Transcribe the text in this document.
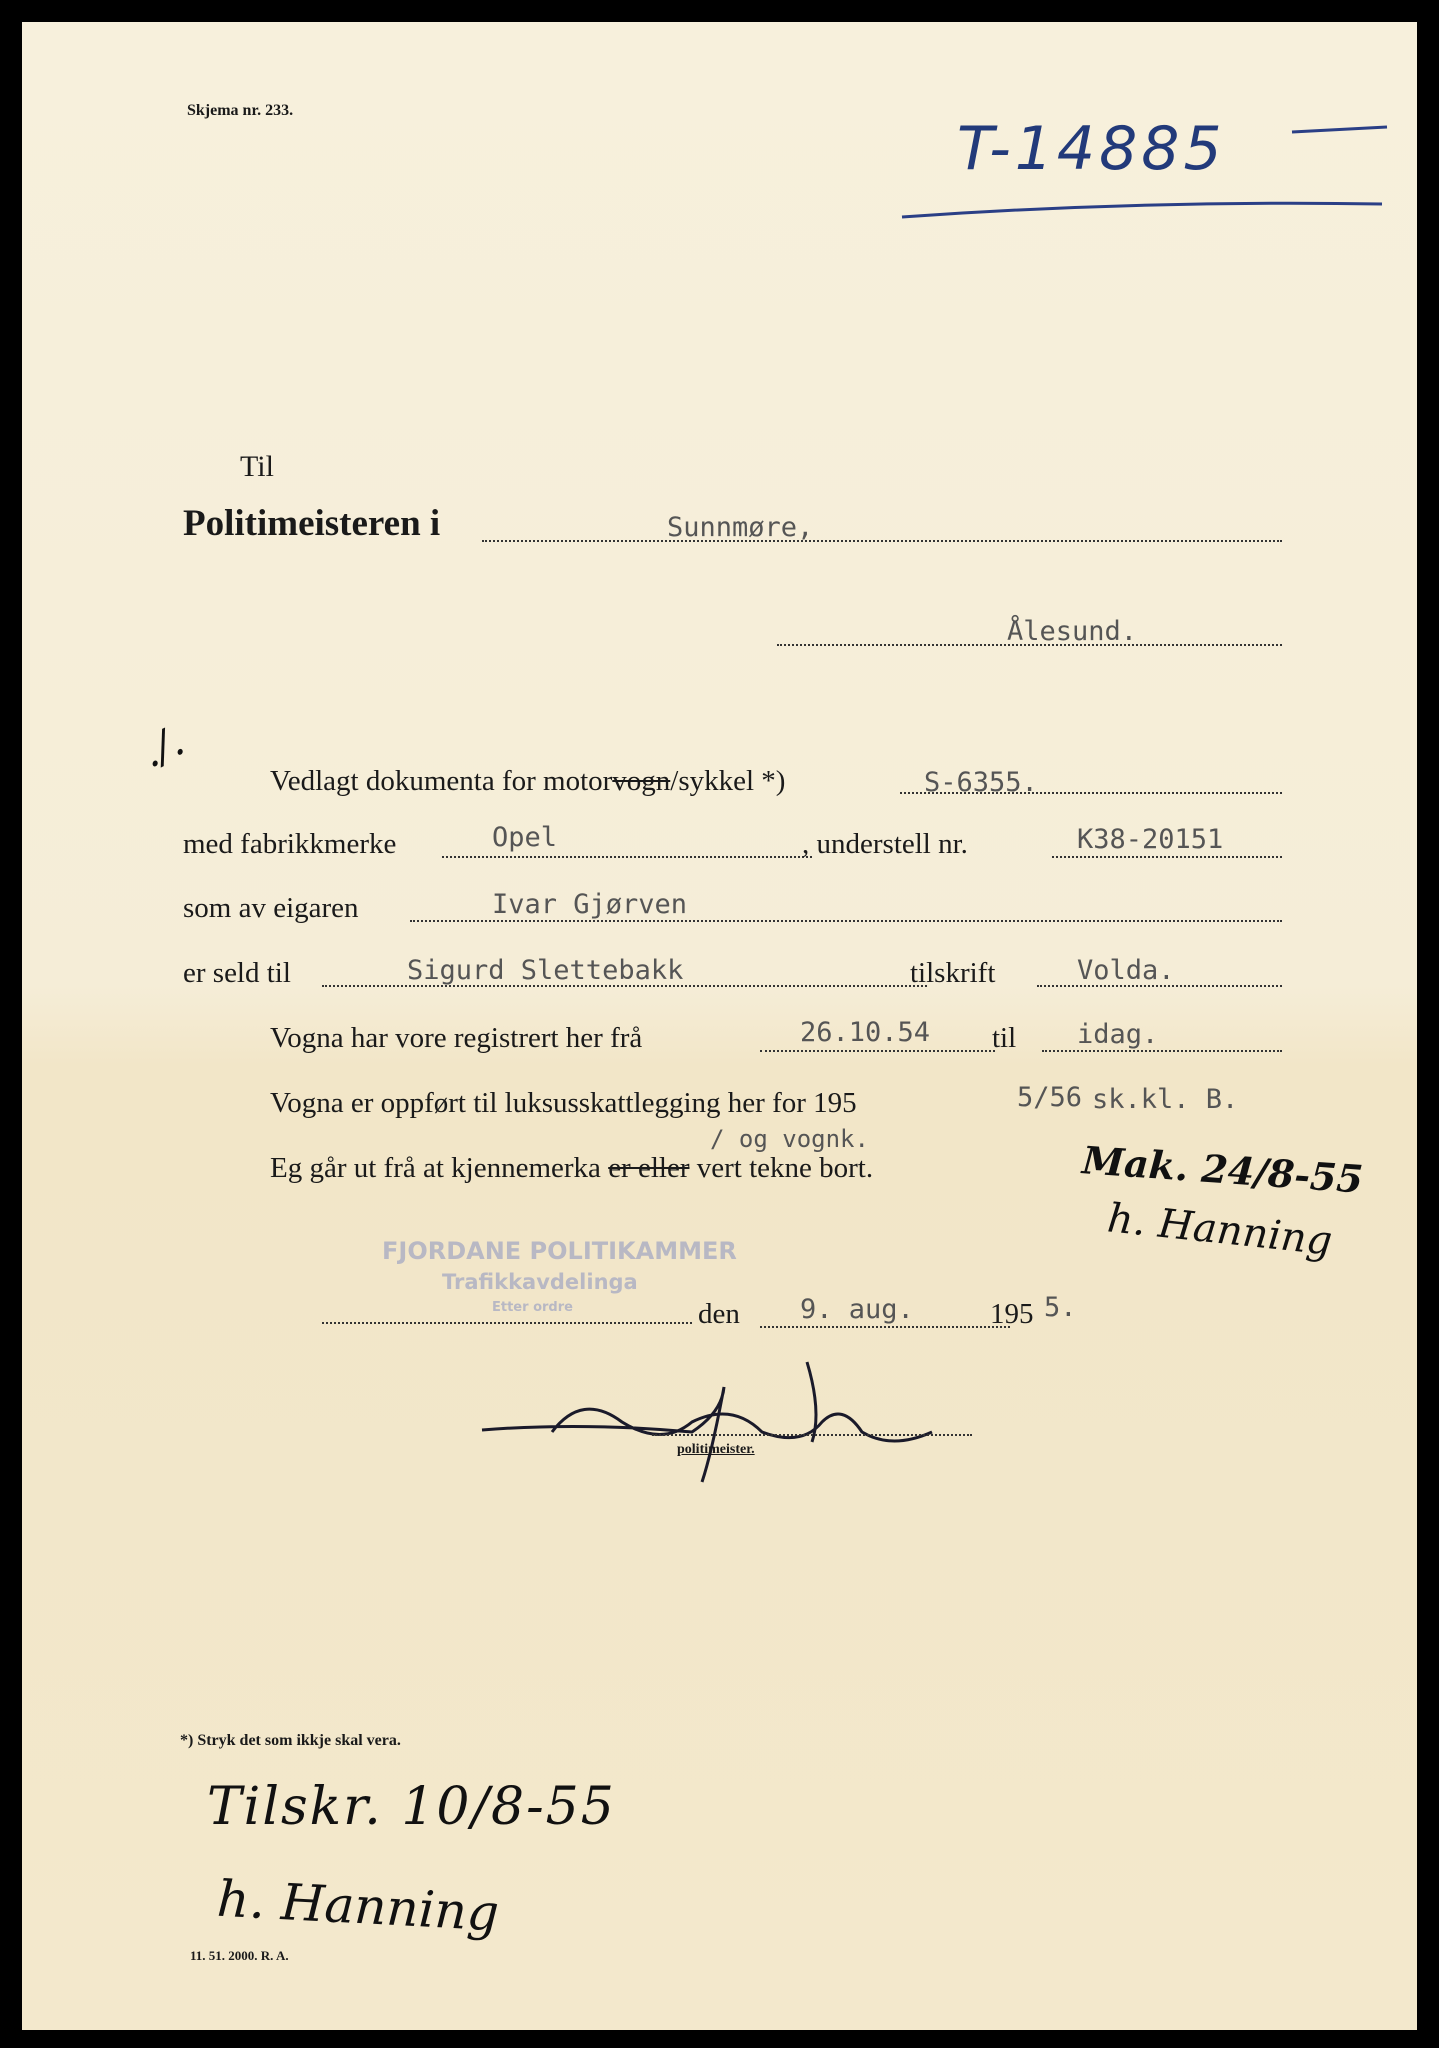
Skjema nr. 233.
T-14885
Til
Politimeisteren i	Sunnmøre,
Ålesund.
./.
Vedlagt dokumenta for motorvogn/sykkel *)	S-6355.
med fabrikkmerke	Opel	, understell nr.	K38-20151
som av eigaren	Ivar Gjørven
er seld til	Sigurd Slettebakk	tilskrift	Volda.
Vogna har vore registrert her frå	26.10.54 til idag.
Vogna er oppført til luksusskattlegging her for 195	5/56 sk.kl. B.
Eg går ut frå at kjennemerka er eller vert tekne bort.
/ og vognk.	Mak. 24/8-55
h. Hanning
FJORDANE POLITIKAMMER
Trafikkavdelinga
Etter ordre	den 9. aug.	195 5.
politimeister.
*) Stryk det som ikkje skal vera.
Tilskr. 10/8-55
h. Hanning
11. 51. 2000. R. A.
